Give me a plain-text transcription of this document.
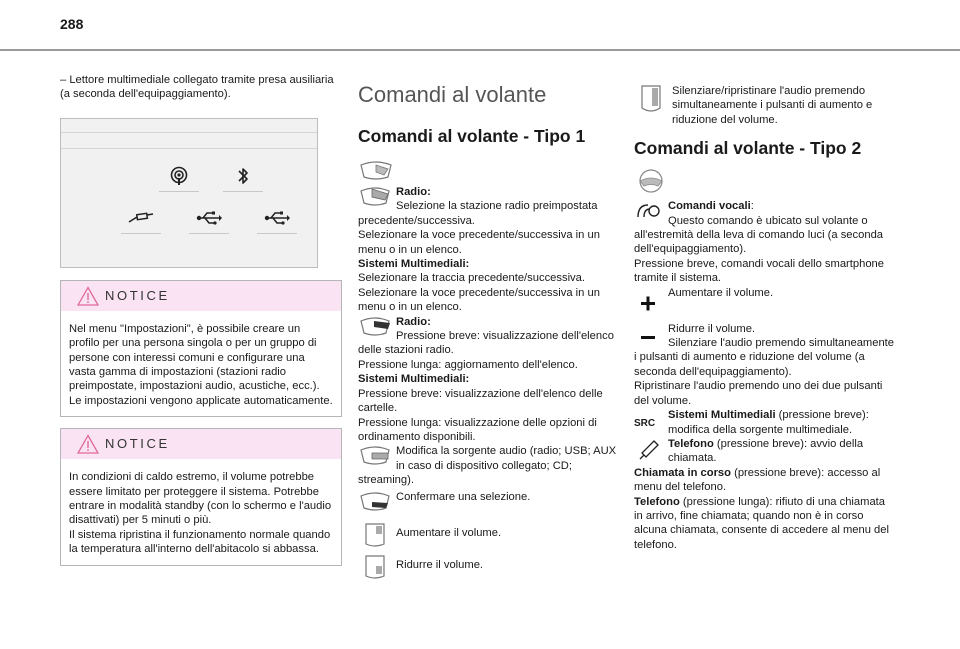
288
– Lettore multimediale collegato tramite presa ausiliaria (a seconda dell'equipaggiamento).
NOTICE
Nel menu "Impostazioni", è possibile creare un profilo per una persona singola o per un gruppo di persone con interessi comuni e configurare una vasta gamma di impostazioni (stazioni radio preimpostate, impostazioni audio, acustiche, ecc.). Le impostazioni vengono applicate automaticamente.
NOTICE
In condizioni di caldo estremo, il volume potrebbe essere limitato per proteggere il sistema. Potrebbe entrare in modalità standby (con lo schermo e l'audio disattivati) per 5 minuti o più.
Il sistema ripristina il funzionamento normale quando la temperatura all'interno dell'abitacolo si abbassa.
Comandi al volante
Comandi al volante - Tipo 1
Radio:
Selezione la stazione radio preimpostata precedente/successiva.
Selezionare la voce precedente/successiva in un menu o in un elenco.
Sistemi Multimediali:
Selezionare la traccia precedente/successiva.
Selezionare la voce precedente/successiva in un menu o in un elenco.
Radio:
Pressione breve: visualizzazione dell'elenco delle stazioni radio.
Pressione lunga: aggiornamento dell'elenco.
Sistemi Multimediali:
Pressione breve: visualizzazione dell'elenco delle cartelle.
Pressione lunga: visualizzazione delle opzioni di ordinamento disponibili.
Modifica la sorgente audio (radio; USB; AUX in caso di dispositivo collegato; CD; streaming).
Confermare una selezione.
Aumentare il volume.
Ridurre il volume.
Silenziare/ripristinare l'audio premendo simultaneamente i pulsanti di aumento e riduzione del volume.
Comandi al volante - Tipo 2
Comandi vocali:
Questo comando è ubicato sul volante o all'estremità della leva di comando luci (a seconda dell'equipaggiamento).
Pressione breve, comandi vocali dello smartphone tramite il sistema.
Aumentare il volume.
Ridurre il volume.
Silenziare l'audio premendo simultaneamente i pulsanti di aumento e riduzione del volume (a seconda dell'equipaggiamento).
Ripristinare l'audio premendo uno dei due pulsanti del volume.
SRC
Sistemi Multimediali (pressione breve): modifica della sorgente multimediale.
Telefono (pressione breve): avvio della chiamata.
Chiamata in corso (pressione breve): accesso al menu del telefono.
Telefono (pressione lunga): rifiuto di una chiamata in arrivo, fine chiamata; quando non è in corso alcuna chiamata, consente di accedere al menu del telefono.
